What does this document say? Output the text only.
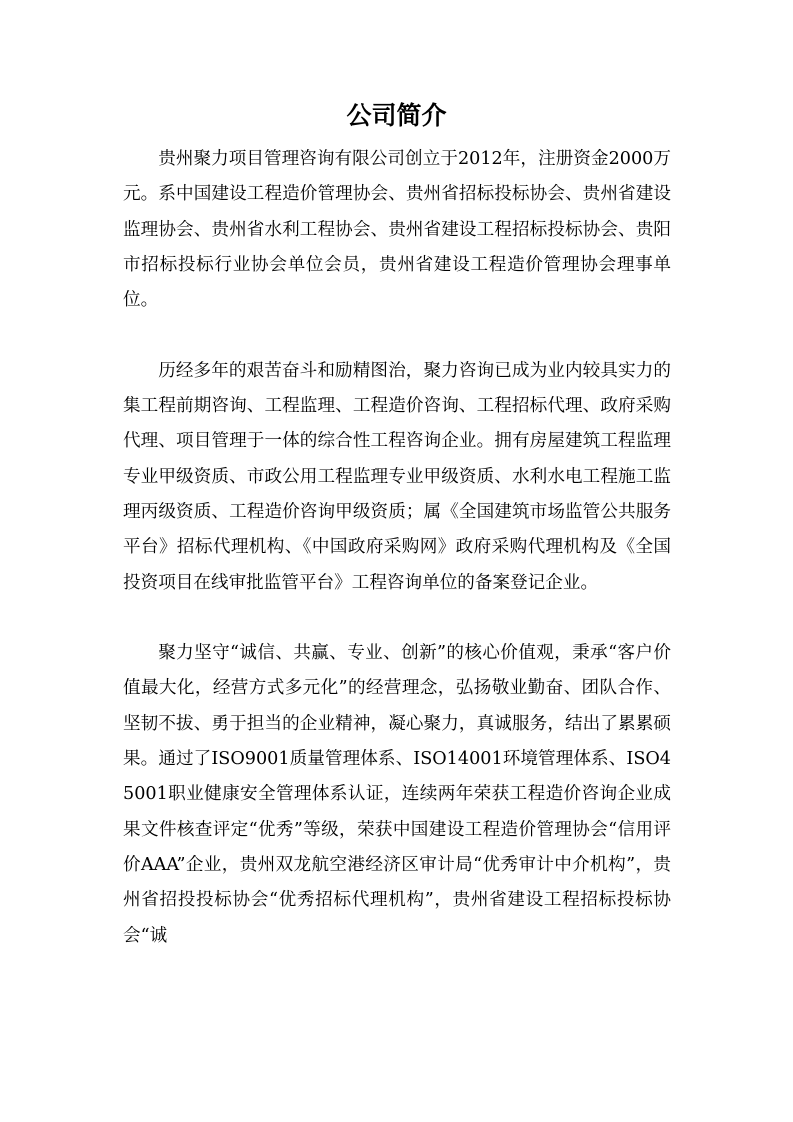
公司简介

贵州聚力项目管理咨询有限公司创立于2012年，注册资金2000万元。系中国建设工程造价管理协会、贵州省招标投标协会、贵州省建设监理协会、贵州省水利工程协会、贵州省建设工程招标投标协会、贵阳市招标投标行业协会单位会员，贵州省建设工程造价管理协会理事单位。

历经多年的艰苦奋斗和励精图治，聚力咨询已成为业内较具实力的集工程前期咨询、工程监理、工程造价咨询、工程招标代理、政府采购代理、项目管理于一体的综合性工程咨询企业。拥有房屋建筑工程监理专业甲级资质、市政公用工程监理专业甲级资质、水利水电工程施工监理丙级资质、工程造价咨询甲级资质；属《全国建筑市场监管公共服务平台》招标代理机构、《中国政府采购网》政府采购代理机构及《全国投资项目在线审批监管平台》工程咨询单位的备案登记企业。

聚力坚守“诚信、共赢、专业、创新”的核心价值观，秉承“客户价值最大化，经营方式多元化”的经营理念，弘扬敬业勤奋、团队合作、坚韧不拔、勇于担当的企业精神，凝心聚力，真诚服务，结出了累累硕果。通过了ISO9001质量管理体系、ISO14001环境管理体系、ISO45001职业健康安全管理体系认证，连续两年荣获工程造价咨询企业成果文件核查评定“优秀”等级，荣获中国建设工程造价管理协会“信用评价AAA”企业，贵州双龙航空港经济区审计局“优秀审计中介机构”，贵州省招投投标协会“优秀招标代理机构”，贵州省建设工程招标投标协会“诚
